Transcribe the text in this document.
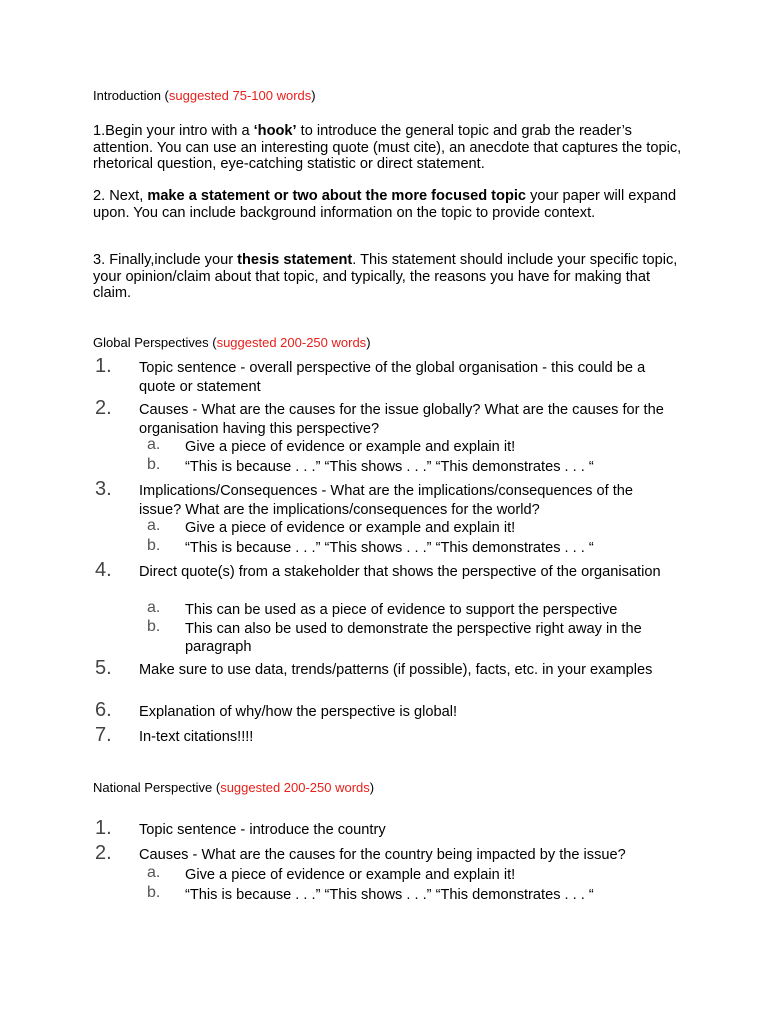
Introduction (suggested 75-100 words)

1.Begin your intro with a ‘hook’ to introduce the general topic and grab the reader’s attention. You can use an interesting quote (must cite), an anecdote that captures the topic, rhetorical question, eye-catching statistic or direct statement.

2. Next, make a statement or two about the more focused topic your paper will expand upon. You can include background information on the topic to provide context.

3. Finally,include your thesis statement. This statement should include your specific topic, your opinion/claim about that topic, and typically, the reasons you have for making that claim.

Global Perspectives (suggested 200-250 words)
1. Topic sentence - overall perspective of the global organisation - this could be a quote or statement
2. Causes - What are the causes for the issue globally? What are the causes for the organisation having this perspective?
a. Give a piece of evidence or example and explain it!
b. “This is because . . .” “This shows . . .” “This demonstrates . . . “
3. Implications/Consequences - What are the implications/consequences of the issue? What are the implications/consequences for the world?
a. Give a piece of evidence or example and explain it!
b. “This is because . . .” “This shows . . .” “This demonstrates . . . “
4. Direct quote(s) from a stakeholder that shows the perspective of the organisation
a. This can be used as a piece of evidence to support the perspective
b. This can also be used to demonstrate the perspective right away in the paragraph
5. Make sure to use data, trends/patterns (if possible), facts, etc. in your examples
6. Explanation of why/how the perspective is global!
7. In-text citations!!!!
National Perspective (suggested 200-250 words)
1. Topic sentence - introduce the country
2. Causes - What are the causes for the country being impacted by the issue?
a. Give a piece of evidence or example and explain it!
b. “This is because . . .” “This shows . . .” “This demonstrates . . . “
